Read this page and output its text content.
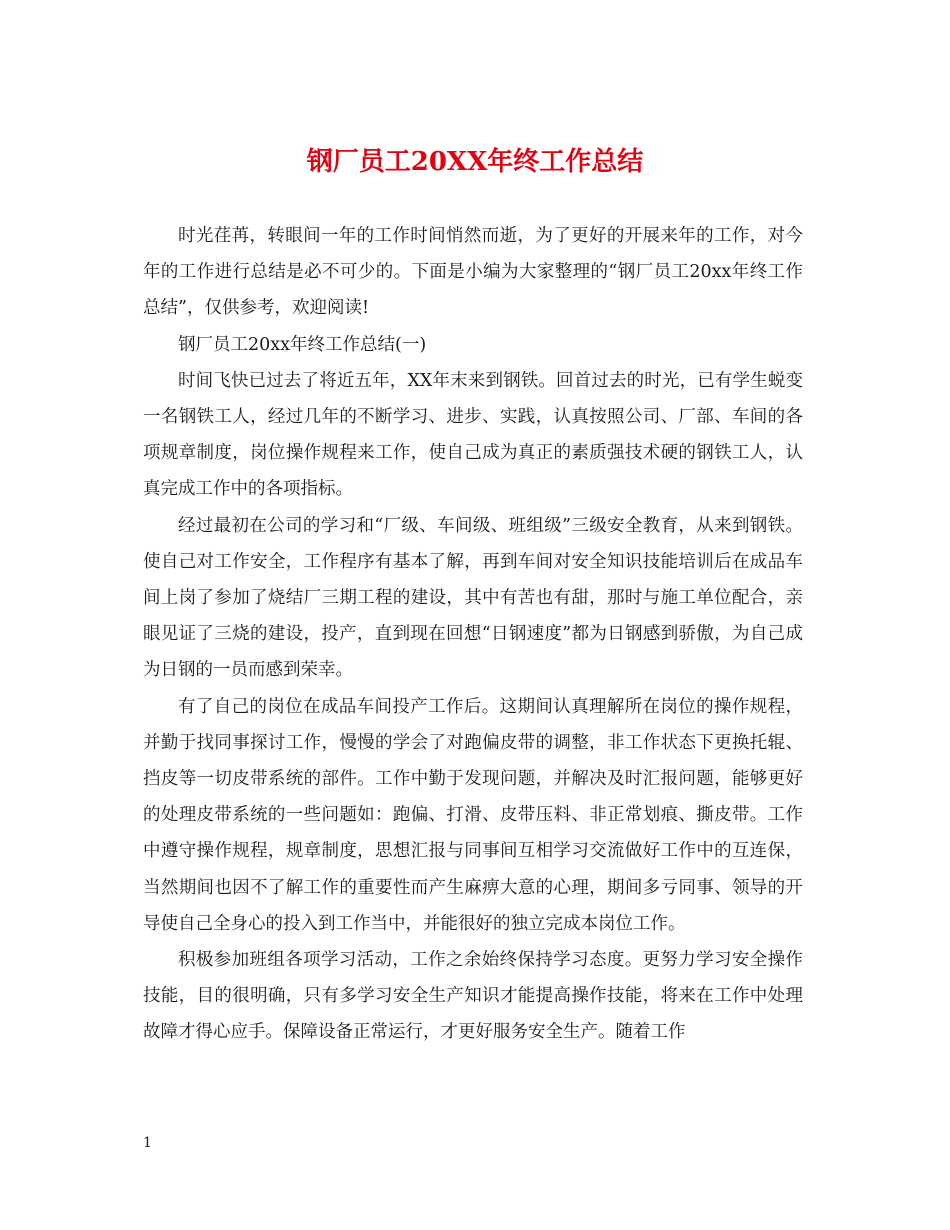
钢厂员工20XX年终工作总结

时光荏苒，转眼间一年的工作时间悄然而逝，为了更好的开展来年的工作，对今年的工作进行总结是必不可少的。下面是小编为大家整理的“钢厂员工20xx年终工作总结”，仅供参考，欢迎阅读!

钢厂员工20xx年终工作总结(一)

时间飞快已过去了将近五年，XX年末来到钢铁。回首过去的时光，已有学生蜕变一名钢铁工人，经过几年的不断学习、进步、实践，认真按照公司、厂部、车间的各项规章制度，岗位操作规程来工作，使自己成为真正的素质强技术硬的钢铁工人，认真完成工作中的各项指标。

经过最初在公司的学习和“厂级、车间级、班组级”三级安全教育，从来到钢铁。使自己对工作安全，工作程序有基本了解，再到车间对安全知识技能培训后在成品车间上岗了参加了烧结厂三期工程的建设，其中有苦也有甜，那时与施工单位配合，亲眼见证了三烧的建设，投产，直到现在回想“日钢速度”都为日钢感到骄傲，为自己成为日钢的一员而感到荣幸。

有了自己的岗位在成品车间投产工作后。这期间认真理解所在岗位的操作规程，并勤于找同事探讨工作，慢慢的学会了对跑偏皮带的调整，非工作状态下更换托辊、挡皮等一切皮带系统的部件。工作中勤于发现问题，并解决及时汇报问题，能够更好的处理皮带系统的一些问题如：跑偏、打滑、皮带压料、非正常划痕、撕皮带。工作中遵守操作规程，规章制度，思想汇报与同事间互相学习交流做好工作中的互连保，当然期间也因不了解工作的重要性而产生麻痹大意的心理，期间多亏同事、领导的开导使自己全身心的投入到工作当中，并能很好的独立完成本岗位工作。

积极参加班组各项学习活动，工作之余始终保持学习态度。更努力学习安全操作技能，目的很明确，只有多学习安全生产知识才能提高操作技能，将来在工作中处理故障才得心应手。保障设备正常运行，才更好服务安全生产。随着工作

1
